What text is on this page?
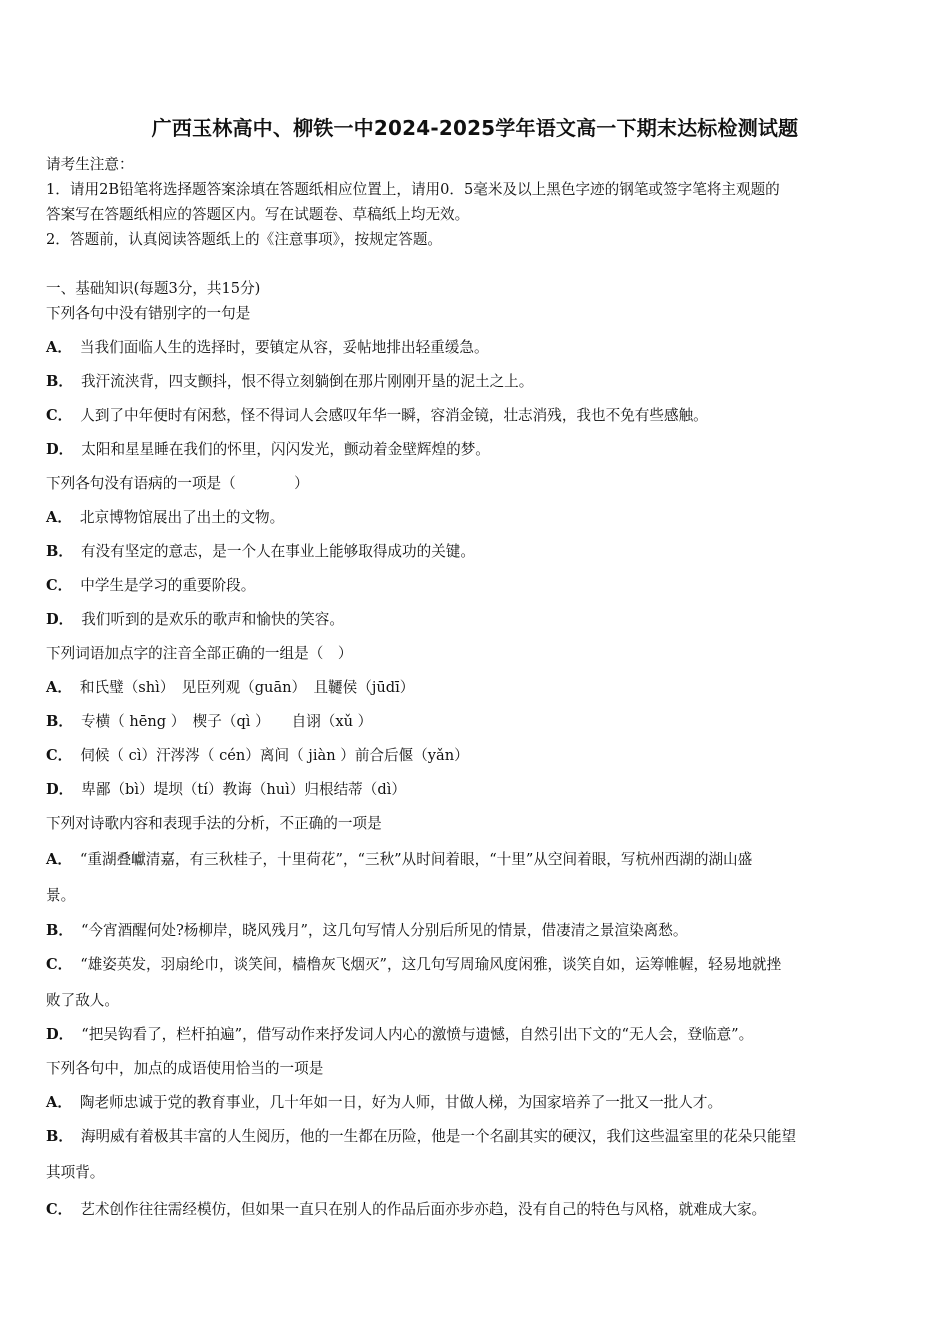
广西玉林高中、柳铁一中2024-2025学年语文高一下期末达标检测试题
请考生注意：
1．请用2B铅笔将选择题答案涂填在答题纸相应位置上，请用0．5毫米及以上黑色字迹的钢笔或签字笔将主观题的
答案写在答题纸相应的答题区内。写在试题卷、草稿纸上均无效。
2．答题前，认真阅读答题纸上的《注意事项》，按规定答题。
一、基础知识(每题3分，共15分)
下列各句中没有错别字的一句是
A． 当我们面临人生的选择时，要镇定从容，妥帖地排出轻重缓急。
B． 我汗流浃背，四支颤抖，恨不得立刻躺倒在那片刚刚开垦的泥土之上。
C． 人到了中年便时有闲愁，怪不得词人会感叹年华一瞬，容消金镜，壮志消残，我也不免有些感触。
D． 太阳和星星睡在我们的怀里，闪闪发光，颤动着金壁辉煌的梦。
下列各句没有语病的一项是（　　　　）
A． 北京博物馆展出了出土的文物。
B． 有没有坚定的意志，是一个人在事业上能够取得成功的关键。
C． 中学生是学习的重要阶段。
D． 我们听到的是欢乐的歌声和愉快的笑容。
下列词语加点字的注音全部正确的一组是（　）
A． 和氏璧（shì）　见臣列观（guān）　且韆侯（jūdī）
B． 专横（ hēng ）　楔子（qì ）　　自诩（xǔ ）
C． 伺候（ cì）汗涔涔（ cén）离间（ jiàn ）前合后偃（yǎn）
D． 卑鄙（bì）堤坝（tí）教诲（huì）归根结蒂（dì）
下列对诗歌内容和表现手法的分析，不正确的一项是
A． “重湖叠巘清嘉，有三秋桂子，十里荷花”，“三秋”从时间着眼，“十里”从空间着眼，写杭州西湖的湖山盛
景。
B． “今宵酒醒何处?杨柳岸，晓风残月”，这几句写情人分别后所见的情景，借凄清之景渲染离愁。
C． “雄姿英发，羽扇纶巾，谈笑间，樯橹灰飞烟灭”，这几句写周瑜风度闲雅，谈笑自如，运筹帷幄，轻易地就挫
败了敌人。
D． “把吴钩看了，栏杆拍遍”，借写动作来抒发词人内心的激愤与遗憾，自然引出下文的“无人会，登临意”。
下列各句中，加点的成语使用恰当的一项是
A． 陶老师忠诚于党的教育事业，几十年如一日，好为人师，甘做人梯，为国家培养了一批又一批人才。
B． 海明威有着极其丰富的人生阅历，他的一生都在历险，他是一个名副其实的硬汉，我们这些温室里的花朵只能望
其项背。
C． 艺术创作往往需经模仿，但如果一直只在别人的作品后面亦步亦趋，没有自己的特色与风格，就难成大家。
